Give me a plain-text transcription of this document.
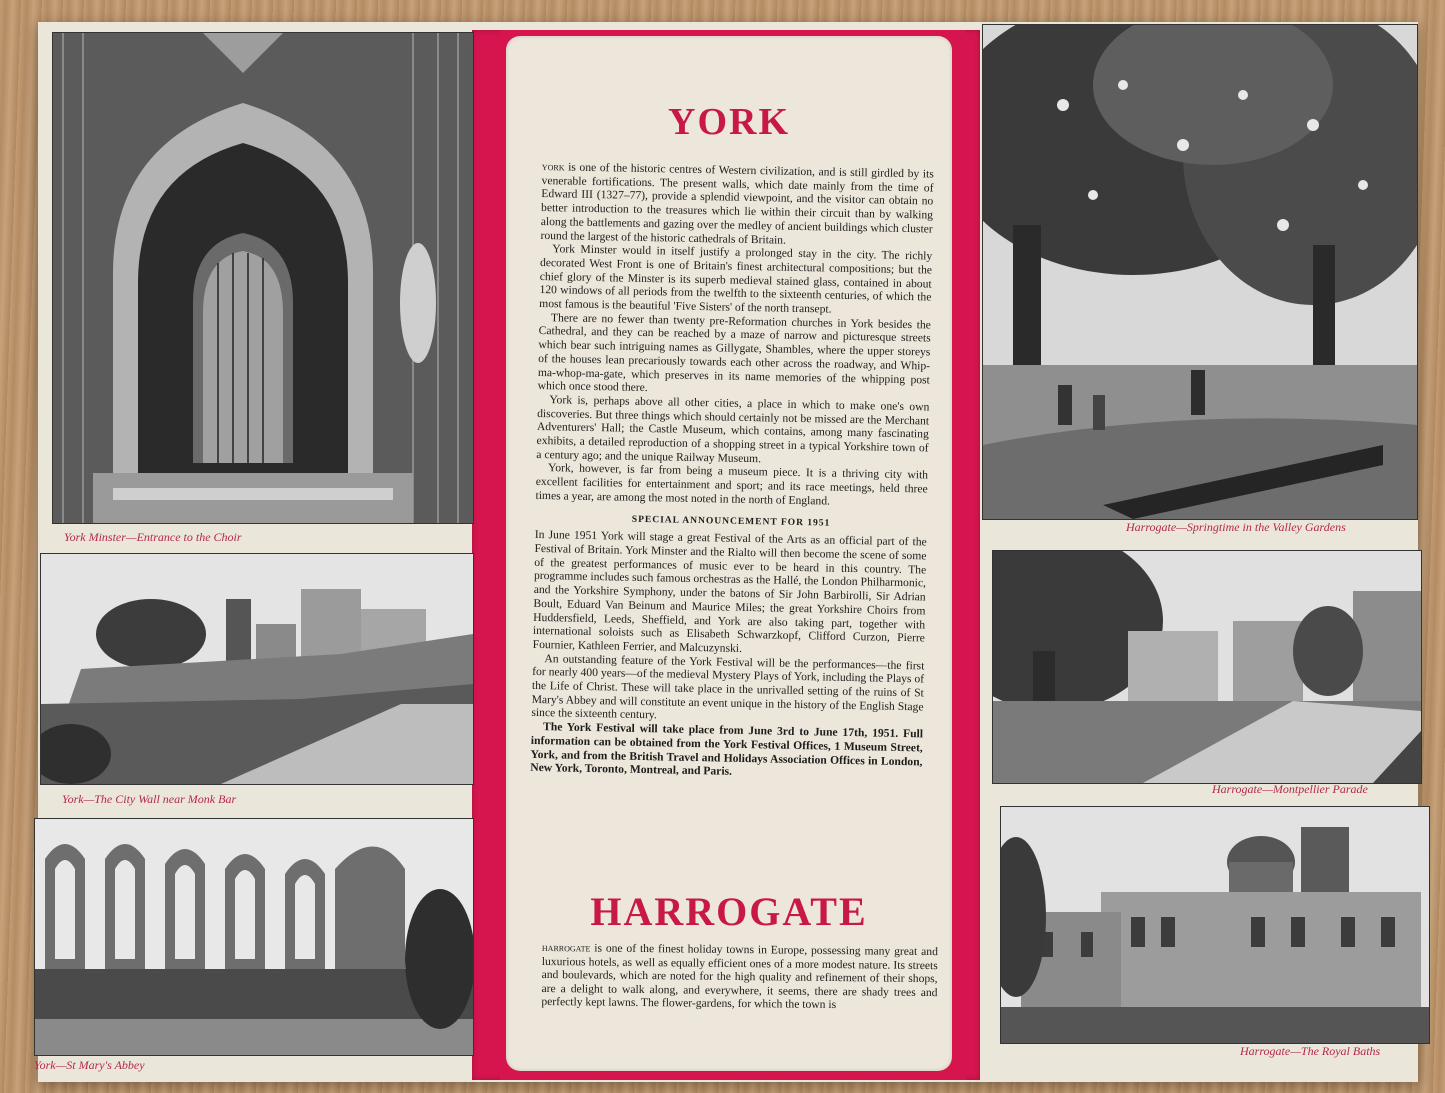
York Minster—Entrance to the Choir
York—The City Wall near Monk Bar
York—St Mary's Abbey
YORK

york is one of the historic centres of Western civilization, and is still girdled by its venerable fortifications. The present walls, which date mainly from the time of Edward III (1327–77), provide a splendid viewpoint, and the visitor can obtain no better introduction to the treasures which lie within their circuit than by walking along the battlements and gazing over the medley of ancient buildings which cluster round the largest of the historic cathedrals of Britain.

York Minster would in itself justify a prolonged stay in the city. The richly decorated West Front is one of Britain's finest architectural compositions; but the chief glory of the Minster is its superb medieval stained glass, contained in about 120 windows of all periods from the twelfth to the sixteenth centuries, of which the most famous is the beautiful 'Five Sisters' of the north transept.

There are no fewer than twenty pre-Reformation churches in York besides the Cathedral, and they can be reached by a maze of narrow and picturesque streets which bear such intriguing names as Gillygate, Shambles, where the upper storeys of the houses lean precariously towards each other across the roadway, and Whip-ma-whop-ma-gate, which preserves in its name memories of the whipping post which once stood there.

York is, perhaps above all other cities, a place in which to make one's own discoveries. But three things which should certainly not be missed are the Merchant Adventurers' Hall; the Castle Museum, which contains, among many fascinating exhibits, a detailed reproduction of a shopping street in a typical Yorkshire town of a century ago; and the unique Railway Museum.

York, however, is far from being a museum piece. It is a thriving city with excellent facilities for entertainment and sport; and its race meetings, held three times a year, are among the most noted in the north of England.

SPECIAL ANNOUNCEMENT FOR 1951

In June 1951 York will stage a great Festival of the Arts as an official part of the Festival of Britain. York Minster and the Rialto will then become the scene of some of the greatest performances of music ever to be heard in this country. The programme includes such famous orchestras as the Hallé, the London Philharmonic, and the Yorkshire Symphony, under the batons of Sir John Barbirolli, Sir Adrian Boult, Eduard Van Beinum and Maurice Miles; the great Yorkshire Choirs from Huddersfield, Leeds, Sheffield, and York are also taking part, together with international soloists such as Elisabeth Schwarzkopf, Clifford Curzon, Pierre Fournier, Kathleen Ferrier, and Malcuzynski.

An outstanding feature of the York Festival will be the performances—the first for nearly 400 years—of the medieval Mystery Plays of York, including the Plays of the Life of Christ. These will take place in the unrivalled setting of the ruins of St Mary's Abbey and will constitute an event unique in the history of the English Stage since the sixteenth century.

The York Festival will take place from June 3rd to June 17th, 1951. Full information can be obtained from the York Festival Offices, 1 Museum Street, York, and from the British Travel and Holidays Association Offices in London, New York, Toronto, Montreal, and Paris.

HARROGATE
harrogate is one of the finest holiday towns in Europe, possessing many great and luxurious hotels, as well as equally efficient ones of a more modest nature. Its streets and boulevards, which are noted for the high quality and refinement of their shops, are a delight to walk along, and everywhere, it seems, there are shady trees and perfectly kept lawns. The flower-gardens, for which the town is
Harrogate—Springtime in the Valley Gardens
Harrogate—Montpellier Parade
Harrogate—The Royal Baths
